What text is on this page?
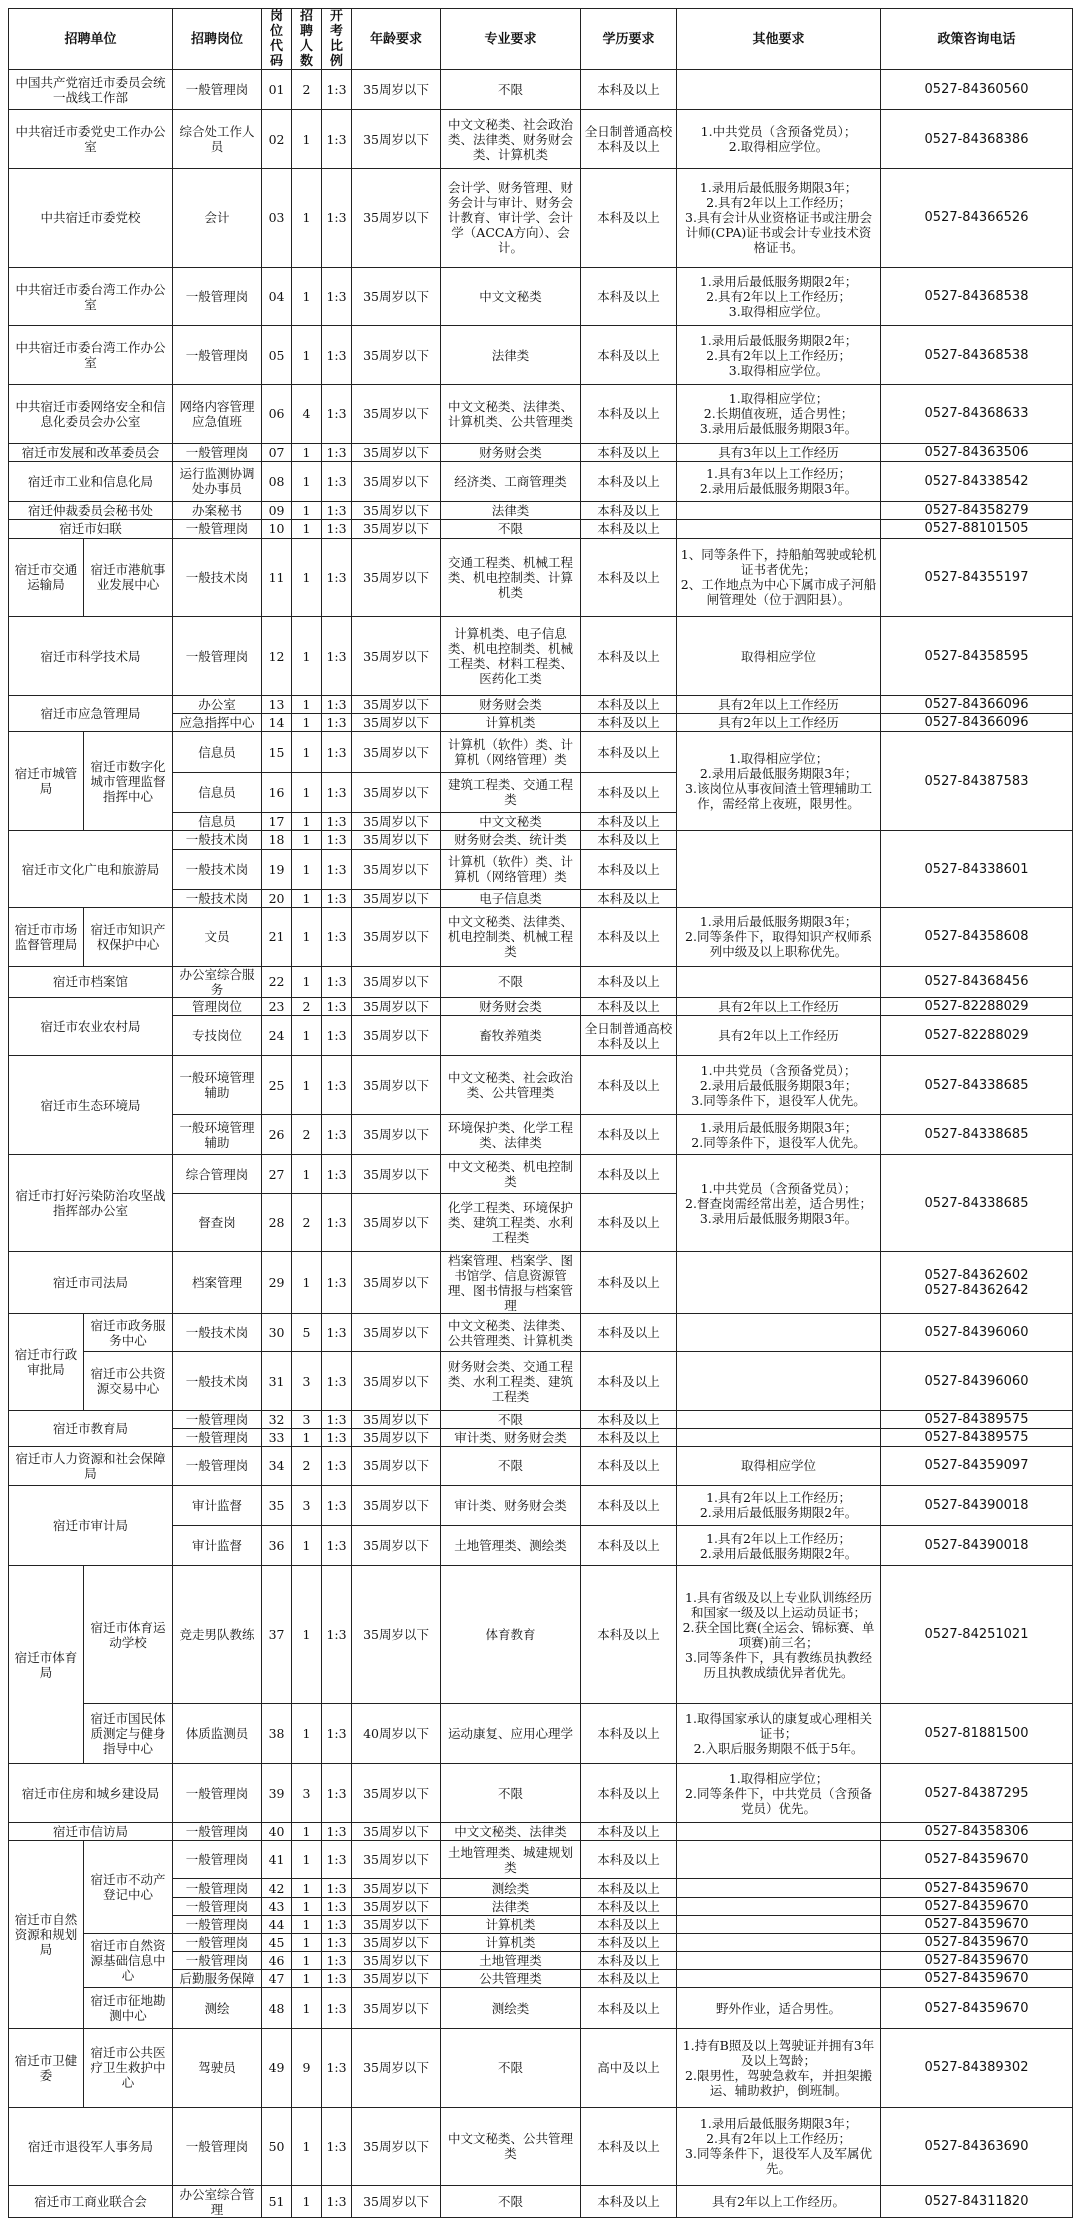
招聘单位		招聘岗位	岗位代码	招聘人数	开考比例	年龄要求	专业要求	学历要求	其他要求	政策咨询电话
中国共产党宿迁市委员会统一战线工作部		一般管理岗	01	2	1:3	35周岁以下	不限	本科及以上		0527-84360560
中共宿迁市委党史工作办公室		综合处工作人员	02	1	1:3	35周岁以下	中文文秘类、社会政治类、法律类、财务财会类、计算机类	全日制普通高校本科及以上	1.中共党员（含预备党员）；
2.取得相应学位。	0527-84368386
中共宿迁市委党校		会计	03	1	1:3	35周岁以下	会计学、财务管理、财务会计与审计、财务会计教育、审计学、会计学（ACCA方向）、会计。	本科及以上	1.录用后最低服务期限3年；
2.具有2年以上工作经历；
3.具有会计从业资格证书或注册会计师(CPA)证书或会计专业技术资格证书。	0527-84366526
中共宿迁市委台湾工作办公室		一般管理岗	04	1	1:3	35周岁以下	中文文秘类	本科及以上	1.录用后最低服务期限2年；
2.具有2年以上工作经历；
3.取得相应学位。	0527-84368538
中共宿迁市委台湾工作办公室		一般管理岗	05	1	1:3	35周岁以下	法律类	本科及以上	1.录用后最低服务期限2年；
2.具有2年以上工作经历；
3.取得相应学位。	0527-84368538
中共宿迁市委网络安全和信息化委员会办公室		网络内容管理应急值班	06	4	1:3	35周岁以下	中文文秘类、法律类、计算机类、公共管理类	本科及以上	1.取得相应学位；
2.长期值夜班，适合男性；
3.录用后最低服务期限3年。	0527-84368633
宿迁市发展和改革委员会		一般管理岗	07	1	1:3	35周岁以下	财务财会类	本科及以上	具有3年以上工作经历	0527-84363506
宿迁市工业和信息化局		运行监测协调处办事员	08	1	1:3	35周岁以下	经济类、工商管理类	本科及以上	1.具有3年以上工作经历；
2.录用后最低服务期限3年。	0527-84338542
宿迁仲裁委员会秘书处		办案秘书	09	1	1:3	35周岁以下	法律类	本科及以上		0527-84358279
宿迁市妇联		一般管理岗	10	1	1:3	35周岁以下	不限	本科及以上		0527-88101505
宿迁市交通运输局	宿迁市港航事业发展中心	一般技术岗	11	1	1:3	35周岁以下	交通工程类、机械工程类、机电控制类、计算机类	本科及以上	1、同等条件下，持船舶驾驶或轮机证书者优先；
2、工作地点为中心下属市成子河船闸管理处（位于泗阳县）。	0527-84355197
宿迁市科学技术局		一般管理岗	12	1	1:3	35周岁以下	计算机类、电子信息类、机电控制类、机械工程类、材料工程类、医药化工类	本科及以上	取得相应学位	0527-84358595
宿迁市应急管理局		办公室	13	1	1:3	35周岁以下	财务财会类	本科及以上	具有2年以上工作经历	0527-84366096
		应急指挥中心	14	1	1:3	35周岁以下	计算机类	本科及以上	具有2年以上工作经历	0527-84366096
宿迁市城管局	宿迁市数字化城市管理监督指挥中心	信息员	15	1	1:3	35周岁以下	计算机（软件）类、计算机（网络管理）类	本科及以上	1.取得相应学位；
2.录用后最低服务期限3年；
3.该岗位从事夜间渣土管理辅助工作，需经常上夜班，限男性。	0527-84387583
		信息员	16	1	1:3	35周岁以下	建筑工程类、交通工程类	本科及以上		
		信息员	17	1	1:3	35周岁以下	中文文秘类	本科及以上		
宿迁市文化广电和旅游局		一般技术岗	18	1	1:3	35周岁以下	财务财会类、统计类	本科及以上		0527-84338601
		一般技术岗	19	1	1:3	35周岁以下	计算机（软件）类、计算机（网络管理）类	本科及以上		
		一般技术岗	20	1	1:3	35周岁以下	电子信息类	本科及以上		
宿迁市市场监督管理局	宿迁市知识产权保护中心	文员	21	1	1:3	35周岁以下	中文文秘类、法律类、机电控制类、机械工程类	本科及以上	1.录用后最低服务期限3年；
2.同等条件下，取得知识产权师系列中级及以上职称优先。	0527-84358608
宿迁市档案馆		办公室综合服务	22	1	1:3	35周岁以下	不限	本科及以上		0527-84368456
宿迁市农业农村局		管理岗位	23	2	1:3	35周岁以下	财务财会类	本科及以上	具有2年以上工作经历	0527-82288029
		专技岗位	24	1	1:3	35周岁以下	畜牧养殖类	全日制普通高校本科及以上	具有2年以上工作经历	0527-82288029
宿迁市生态环境局		一般环境管理辅助	25	1	1:3	35周岁以下	中文文秘类、社会政治类、公共管理类	本科及以上	1.中共党员（含预备党员）；
2.录用后最低服务期限3年；
3.同等条件下，退役军人优先。	0527-84338685
		一般环境管理辅助	26	2	1:3	35周岁以下	环境保护类、化学工程类、法律类	本科及以上	1.录用后最低服务期限3年；
2.同等条件下，退役军人优先。	0527-84338685
宿迁市打好污染防治攻坚战指挥部办公室		综合管理岗	27	1	1:3	35周岁以下	中文文秘类、机电控制类	本科及以上	1.中共党员（含预备党员）；
2.督查岗需经常出差，适合男性；
3.录用后最低服务期限3年。	0527-84338685
		督查岗	28	2	1:3	35周岁以下	化学工程类、环境保护类、建筑工程类、水利工程类	本科及以上		
宿迁市司法局		档案管理	29	1	1:3	35周岁以下	档案管理、档案学、图书馆学、信息资源管理、图书情报与档案管理	本科及以上		0527-84362602
0527-84362642
宿迁市行政审批局	宿迁市政务服务中心	一般技术岗	30	5	1:3	35周岁以下	中文文秘类、法律类、公共管理类、计算机类	本科及以上		0527-84396060
	宿迁市公共资源交易中心	一般技术岗	31	3	1:3	35周岁以下	财务财会类、交通工程类、水利工程类、建筑工程类	本科及以上		0527-84396060
宿迁市教育局		一般管理岗	32	3	1:3	35周岁以下	不限	本科及以上		0527-84389575
		一般管理岗	33	1	1:3	35周岁以下	审计类、财务财会类	本科及以上		0527-84389575
宿迁市人力资源和社会保障局		一般管理岗	34	2	1:3	35周岁以下	不限	本科及以上	取得相应学位	0527-84359097
宿迁市审计局		审计监督	35	3	1:3	35周岁以下	审计类、财务财会类	本科及以上	1.具有2年以上工作经历；
2.录用后最低服务期限2年。	0527-84390018
		审计监督	36	1	1:3	35周岁以下	土地管理类、测绘类	本科及以上	1.具有2年以上工作经历；
2.录用后最低服务期限2年。	0527-84390018
宿迁市体育局	宿迁市体育运动学校	竞走男队教练	37	1	1:3	35周岁以下	体育教育	本科及以上	1.具有省级及以上专业队训练经历和国家一级及以上运动员证书；
2.获全国比赛(全运会、锦标赛、单项赛)前三名；
3.同等条件下，具有教练员执教经历且执教成绩优异者优先。	0527-84251021
	宿迁市国民体质测定与健身指导中心	体质监测员	38	1	1:3	40周岁以下	运动康复、应用心理学	本科及以上	1.取得国家承认的康复或心理相关证书；
2.入职后服务期限不低于5年。	0527-81881500
宿迁市住房和城乡建设局		一般管理岗	39	3	1:3	35周岁以下	不限	本科及以上	1.取得相应学位；
2.同等条件下，中共党员（含预备党员）优先。	0527-84387295
宿迁市信访局		一般管理岗	40	1	1:3	35周岁以下	中文文秘类、法律类	本科及以上		0527-84358306
宿迁市自然资源和规划局	宿迁市不动产登记中心	一般管理岗	41	1	1:3	35周岁以下	土地管理类、城建规划类	本科及以上		0527-84359670
		一般管理岗	42	1	1:3	35周岁以下	测绘类	本科及以上		0527-84359670
		一般管理岗	43	1	1:3	35周岁以下	法律类	本科及以上		0527-84359670
		一般管理岗	44	1	1:3	35周岁以下	计算机类	本科及以上		0527-84359670
	宿迁市自然资源基础信息中心	一般管理岗	45	1	1:3	35周岁以下	计算机类	本科及以上		0527-84359670
		一般管理岗	46	1	1:3	35周岁以下	土地管理类	本科及以上		0527-84359670
		后勤服务保障	47	1	1:3	35周岁以下	公共管理类	本科及以上		0527-84359670
	宿迁市征地勘测中心	测绘	48	1	1:3	35周岁以下	测绘类	本科及以上	野外作业，适合男性。	0527-84359670
宿迁市卫健委	宿迁市公共医疗卫生救护中心	驾驶员	49	9	1:3	35周岁以下	不限	高中及以上	1.持有B照及以上驾驶证并拥有3年及以上驾龄；
2.限男性，驾驶急救车，并担架搬运、辅助救护，倒班制。	0527-84389302
宿迁市退役军人事务局		一般管理岗	50	1	1:3	35周岁以下	中文文秘类、公共管理类	本科及以上	1.录用后最低服务期限3年；
2.具有2年以上工作经历；
3.同等条件下，退役军人及军属优先。	0527-84363690
宿迁市工商业联合会		办公室综合管理	51	1	1:3	35周岁以下	不限	本科及以上	具有2年以上工作经历。	0527-84311820
